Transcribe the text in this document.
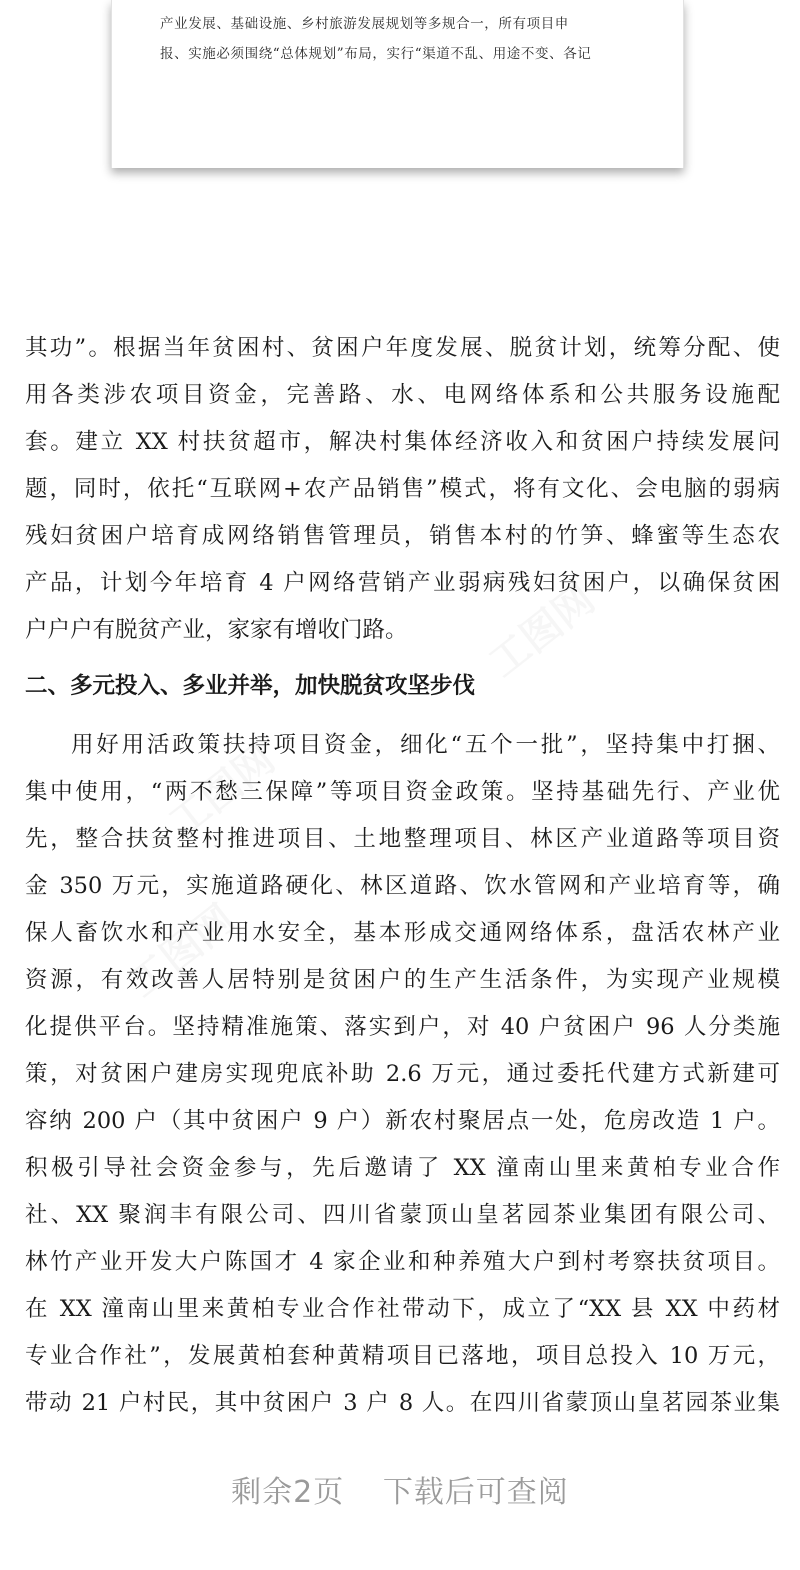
产业发展、基础设施、乡村旅游发展规划等多规合一，所有项目申
报、实施必须围绕“总体规划”布局，实行“渠道不乱、用途不变、各记
其功”。根据当年贫困村、贫困户年度发展、脱贫计划，统筹分配、使
用各类涉农项目资金，完善路、水、电网络体系和公共服务设施配
套。建立 XX 村扶贫超市，解决村集体经济收入和贫困户持续发展问
题，同时，依托“互联网+农产品销售”模式，将有文化、会电脑的弱病
残妇贫困户培育成网络销售管理员，销售本村的竹笋、蜂蜜等生态农
产品，计划今年培育 4 户网络营销产业弱病残妇贫困户，以确保贫困
户户户有脱贫产业，家家有增收门路。
二、多元投入、多业并举，加快脱贫攻坚步伐
用好用活政策扶持项目资金，细化“五个一批”，坚持集中打捆、
集中使用，“两不愁三保障”等项目资金政策。坚持基础先行、产业优
先，整合扶贫整村推进项目、土地整理项目、林区产业道路等项目资
金 350 万元，实施道路硬化、林区道路、饮水管网和产业培育等，确
保人畜饮水和产业用水安全，基本形成交通网络体系，盘活农林产业
资源，有效改善人居特别是贫困户的生产生活条件，为实现产业规模
化提供平台。坚持精准施策、落实到户，对 40 户贫困户 96 人分类施
策，对贫困户建房实现兜底补助 2.6 万元，通过委托代建方式新建可
容纳 200 户（其中贫困户 9 户）新农村聚居点一处，危房改造 1 户。
积极引导社会资金参与，先后邀请了 XX 潼南山里来黄柏专业合作
社、XX 聚润丰有限公司、四川省蒙顶山皇茗园茶业集团有限公司、
林竹产业开发大户陈国才 4 家企业和种养殖大户到村考察扶贫项目。
在 XX 潼南山里来黄柏专业合作社带动下，成立了“XX 县 XX 中药材
专业合作社”，发展黄柏套种黄精项目已落地，项目总投入 10 万元，
带动 21 户村民，其中贫困户 3 户 8 人。在四川省蒙顶山皇茗园茶业集
剩余2页 下载后可查阅
